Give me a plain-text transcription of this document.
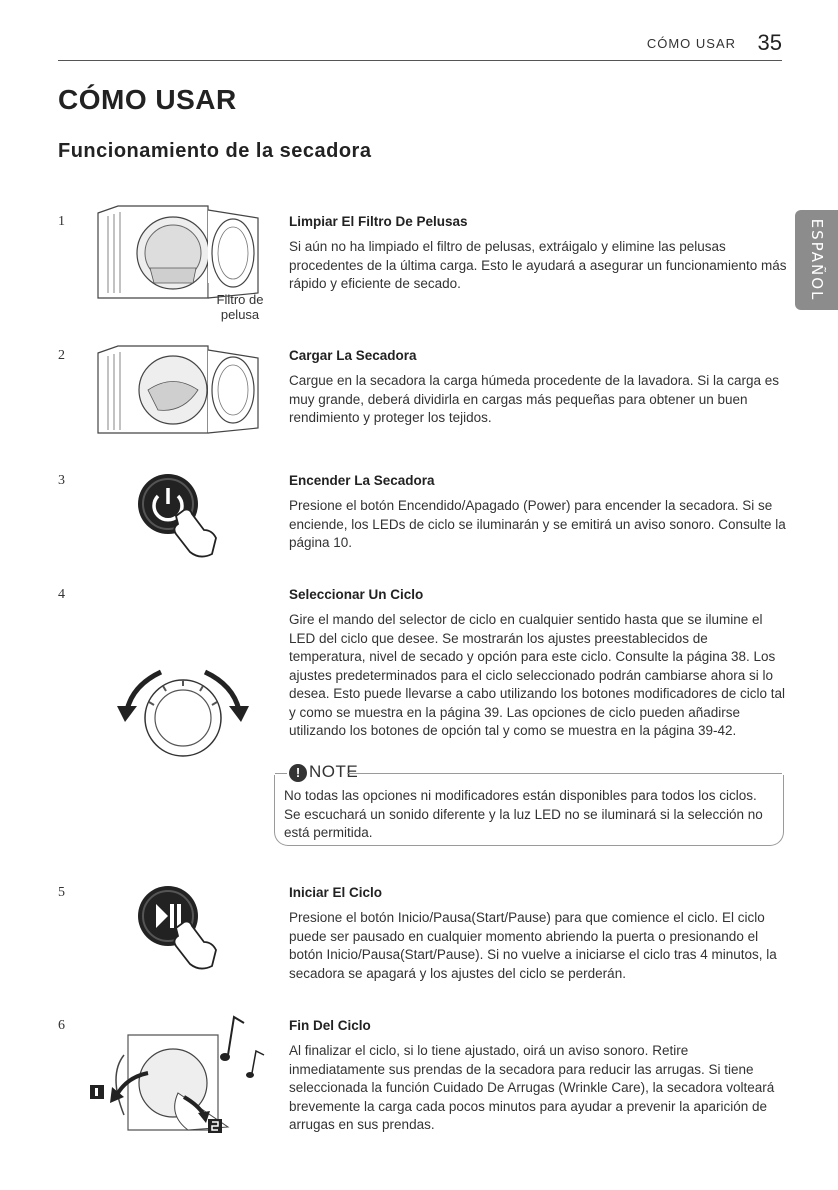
CÓMO USAR 35
CÓMO USAR
Funcionamiento de la secadora
ESPAÑOL
1
Filtro de pelusa
Limpiar El Filtro De Pelusas

Si aún no ha limpiado el filtro de pelusas, extráigalo y elimine las pelusas procedentes de la última carga. Esto le ayudará a asegurar un funcionamiento más rápido y eficiente de secado.

2	Cargar La Secadora

Cargue en la secadora la carga húmeda procedente de la lavadora. Si la carga es muy grande, deberá dividirla en cargas más pequeñas para obtener un buen rendimiento y proteger los tejidos.

3	Encender La Secadora

Presione el botón Encendido/Apagado (Power) para encender la secadora. Si se enciende, los LEDs de ciclo se iluminarán y se emitirá un aviso sonoro. Consulte la página 10.

4	Seleccionar Un Ciclo

Gire el mando del selector de ciclo en cualquier sentido hasta que se ilumine el LED del ciclo que desee. Se mostrarán los ajustes preestablecidos de temperatura, nivel de secado y opción para este ciclo. Consulte la página 38. Los ajustes predeterminados para el ciclo seleccionado podrán cambiarse ahora si lo desea. Esto puede llevarse a cabo utilizando los botones modificadores de ciclo tal y como se muestra en la página 39. Las opciones de ciclo pueden añadirse utilizando los botones de opción tal y como se muestra en la página 39-42.

! NOTE

No todas las opciones ni modificadores están disponibles para todos los ciclos. Se escuchará un sonido diferente y la luz LED no se iluminará si la selección no está permitida.

5	Iniciar El Ciclo

Presione el botón Inicio/Pausa(Start/Pause) para que comience el ciclo. El ciclo puede ser pausado en cualquier momento abriendo la puerta o presionando el botón Inicio/Pausa(Start/Pause). Si no vuelve a iniciarse el ciclo tras 4 minutos, la secadora se apagará y los ajustes del ciclo se perderán.

6	Fin Del Ciclo

Al finalizar el ciclo, si lo tiene ajustado, oirá un aviso sonoro. Retire inmediatamente sus prendas de la secadora para reducir las arrugas. Si tiene seleccionada la función Cuidado De Arrugas (Wrinkle Care), la secadora volteará brevemente la carga cada pocos minutos para ayudar a prevenir la aparición de arrugas en sus prendas.
